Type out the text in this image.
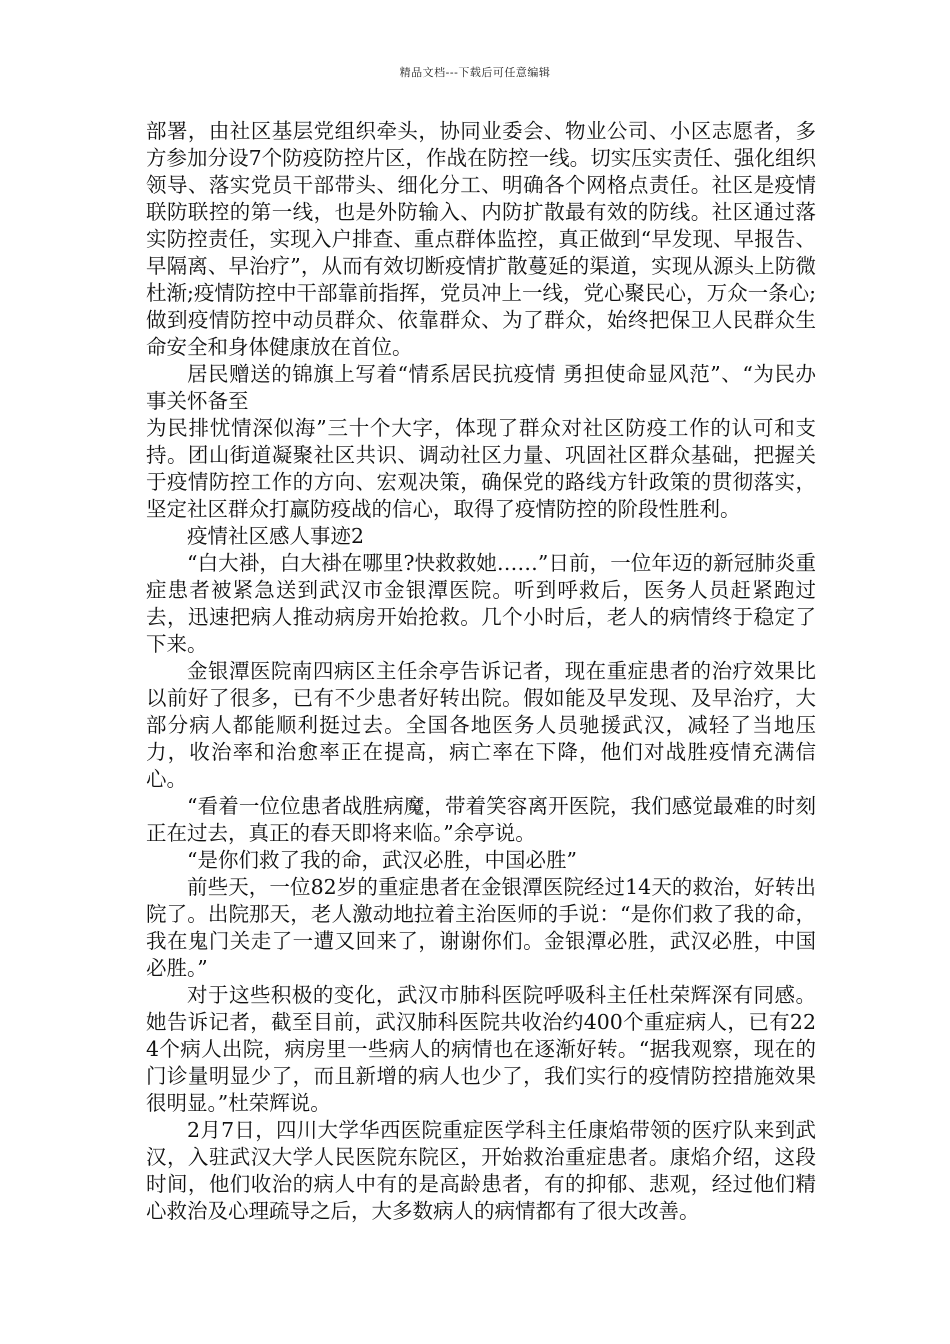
精品文档---下载后可任意编辑

部署，由社区基层党组织牵头，协同业委会、物业公司、小区志愿者，多方参加分设7个防疫防控片区，作战在防控一线。切实压实责任、强化组织领导、落实党员干部带头、细化分工、明确各个网格点责任。社区是疫情联防联控的第一线，也是外防输入、内防扩散最有效的防线。社区通过落实防控责任，实现入户排查、重点群体监控，真正做到“早发现、早报告、早隔离、早治疗”，从而有效切断疫情扩散蔓延的渠道，实现从源头上防微杜渐;疫情防控中干部靠前指挥，党员冲上一线，党心聚民心，万众一条心;做到疫情防控中动员群众、依靠群众、为了群众，始终把保卫人民群众生命安全和身体健康放在首位。

居民赠送的锦旗上写着“情系居民抗疫情 勇担使命显风范”、“为民办事关怀备至

为民排忧情深似海”三十个大字，体现了群众对社区防疫工作的认可和支持。团山街道凝聚社区共识、调动社区力量、巩固社区群众基础，把握关于疫情防控工作的方向、宏观决策，确保党的路线方针政策的贯彻落实，坚定社区群众打赢防疫战的信心，取得了疫情防控的阶段性胜利。

疫情社区感人事迹2

“白大褂，白大褂在哪里?快救救她……”日前，一位年迈的新冠肺炎重症患者被紧急送到武汉市金银潭医院。听到呼救后，医务人员赶紧跑过去，迅速把病人推动病房开始抢救。几个小时后，老人的病情终于稳定了下来。

金银潭医院南四病区主任余亭告诉记者，现在重症患者的治疗效果比以前好了很多，已有不少患者好转出院。假如能及早发现、及早治疗，大部分病人都能顺利挺过去。全国各地医务人员驰援武汉，减轻了当地压力，收治率和治愈率正在提高，病亡率在下降，他们对战胜疫情充满信心。

“看着一位位患者战胜病魔，带着笑容离开医院，我们感觉最难的时刻正在过去，真正的春天即将来临。”余亭说。

“是你们救了我的命，武汉必胜，中国必胜”

前些天，一位82岁的重症患者在金银潭医院经过14天的救治，好转出院了。出院那天，老人激动地拉着主治医师的手说：“是你们救了我的命，我在鬼门关走了一遭又回来了，谢谢你们。金银潭必胜，武汉必胜，中国必胜。”

对于这些积极的变化，武汉市肺科医院呼吸科主任杜荣辉深有同感。她告诉记者，截至目前，武汉肺科医院共收治约400个重症病人，已有224个病人出院，病房里一些病人的病情也在逐渐好转。“据我观察，现在的门诊量明显少了，而且新增的病人也少了，我们实行的疫情防控措施效果很明显。”杜荣辉说。

2月7日，四川大学华西医院重症医学科主任康焰带领的医疗队来到武汉，入驻武汉大学人民医院东院区，开始救治重症患者。康焰介绍，这段时间，他们收治的病人中有的是高龄患者，有的抑郁、悲观，经过他们精心救治及心理疏导之后，大多数病人的病情都有了很大改善。
